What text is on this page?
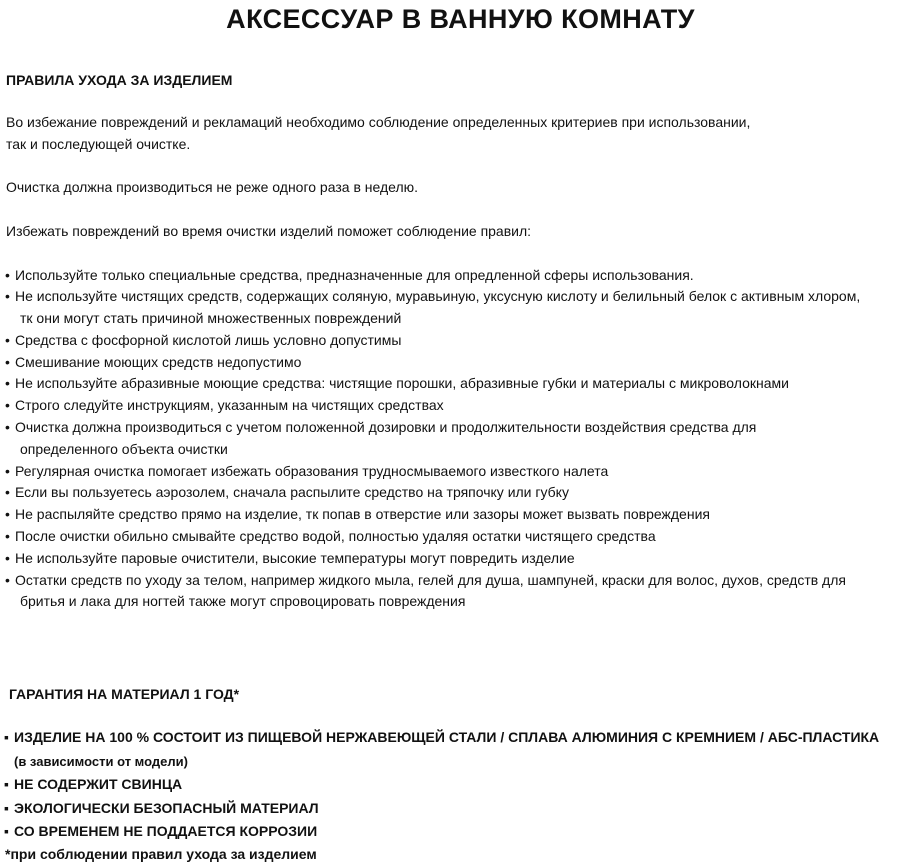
АКСЕССУАР В ВАННУЮ КОМНАТУ
ПРАВИЛА УХОДА ЗА ИЗДЕЛИЕМ
Во избежание повреждений и рекламаций необходимо соблюдение определенных критериев при использовании,
так и последующей очистке.
Очистка должна производиться не реже одного раза в неделю.
Избежать повреждений во время очистки изделий поможет соблюдение правил:
• Используйте только специальные средства, предназначенные для опредленной сферы использования.
• Не используйте чистящих средств, содержащих соляную, муравьиную, уксусную кислоту и белильный белок с активным хлором,
тк они могут стать причиной множественных повреждений
• Средства с фосфорной кислотой лишь условно допустимы
• Смешивание моющих средств недопустимо
• Не используйте абразивные моющие средства: чистящие порошки, абразивные губки и материалы с микроволокнами
• Строго следуйте инструкциям, указанным на чистящих средствах
• Очистка должна производиться с учетом положенной дозировки и продолжительности воздействия средства для
определенного объекта очистки
• Регулярная очистка помогает избежать образования трудносмываемого известкого налета
• Если вы пользуетесь аэрозолем, сначала распылите средство на тряпочку или губку
• Не распыляйте средство прямо на изделие, тк попав в отверстие или зазоры может вызвать повреждения
• После очистки обильно смывайте средство водой, полностью удаляя остатки чистящего средства
• Не используйте паровые очистители, высокие температуры могут повредить изделие
• Остатки средств по уходу за телом, например жидкого мыла, гелей для душа, шампуней, краски для волос, духов, средств для
бритья и лака для ногтей также могут спровоцировать повреждения
ГАРАНТИЯ НА МАТЕРИАЛ 1 ГОД*
▪ ИЗДЕЛИЕ НА 100 % СОСТОИТ ИЗ ПИЩЕВОЙ НЕРЖАВЕЮЩЕЙ СТАЛИ / СПЛАВА АЛЮМИНИЯ С КРЕМНИЕМ / АБС-ПЛАСТИКА
(в зависимости от модели)
▪ НЕ СОДЕРЖИТ СВИНЦА
▪ ЭКОЛОГИЧЕСКИ БЕЗОПАСНЫЙ МАТЕРИАЛ
▪ СО ВРЕМЕНЕМ НЕ ПОДДАЕТСЯ КОРРОЗИИ
*при соблюдении правил ухода за изделием
